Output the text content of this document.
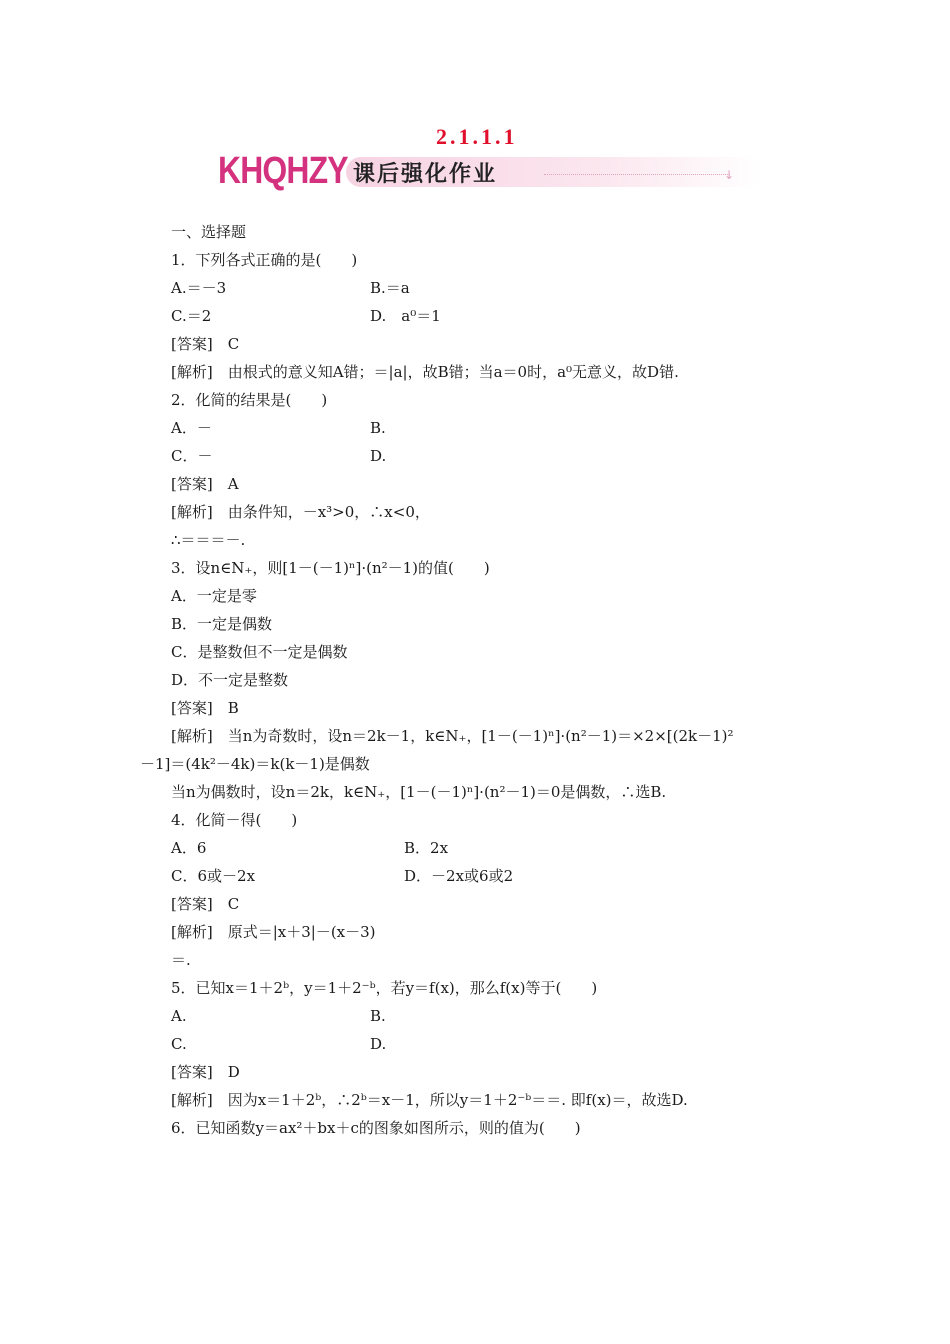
2.1.1.1
KHQHZY 课后强化作业	↓
一、选择题
1．下列各式正确的是(　　)
A.＝－3	B.＝a
C.＝2	D.　a⁰＝1
[答案]　C
[解析]　由根式的意义知A错；＝|a|，故B错；当a＝0时，a⁰无意义，故D错.
2．化简的结果是(　　)
A．－	B.
C．－	D.
[答案]　A
[解析]　由条件知，－x³>0，∴x<0，
∴＝＝＝－.
3．设n∈N₊，则[1－(－1)ⁿ]·(n²－1)的值(　　)
A．一定是零
B．一定是偶数
C．是整数但不一定是偶数
D．不一定是整数
[答案]　B
[解析]　当n为奇数时，设n＝2k－1，k∈N₊，[1－(－1)ⁿ]·(n²－1)＝×2×[(2k－1)²
－1]＝(4k²－4k)＝k(k－1)是偶数
当n为偶数时，设n＝2k，k∈N₊，[1－(－1)ⁿ]·(n²－1)＝0是偶数，∴选B.
4．化简－得(　　)
A．6	B．2x
C．6或－2x	D．－2x或6或2
[答案]　C
[解析]　原式＝|x＋3|－(x－3)
＝.
5．已知x＝1＋2ᵇ，y＝1＋2⁻ᵇ，若y＝f(x)，那么f(x)等于(　　)
A.	B.
C.	D.
[答案]　D
[解析]　因为x＝1＋2ᵇ，∴2ᵇ＝x－1，所以y＝1＋2⁻ᵇ＝＝. 即f(x)＝，故选D.
6．已知函数y＝ax²＋bx＋c的图象如图所示，则的值为(　　)
